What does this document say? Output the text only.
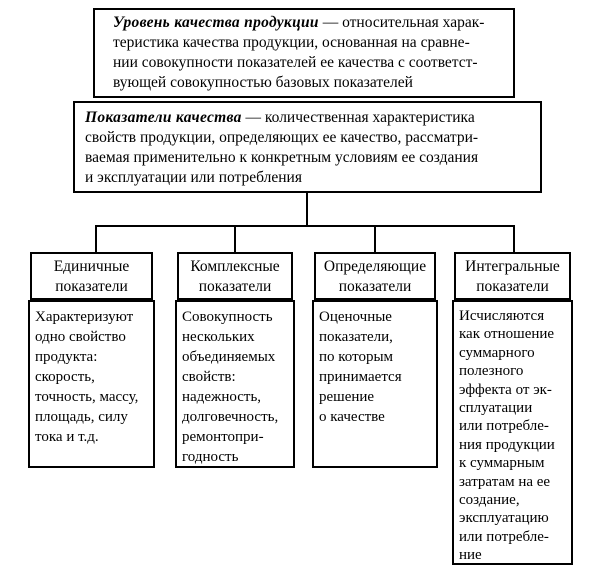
Уровень качества продукции — относительная харак-
теристика качества продукции, основанная на сравне-
нии совокупности показателей ее качества с соответст-
вующей совокупностью базовых показателей
Показатели качества — количественная характеристика
свойств продукции, определяющих ее качество, рассматри-
ваемая применительно к конкретным условиям ее создания
и эксплуатации или потребления
Единичные показатели
Характеризуют
одно свойство
продукта:
скорость,
точность, массу,
площадь, силу
тока и т.д.
Комплексные показатели
Совокупность
нескольких
объединяемых
свойств:
надежность,
долговечность,
ремонтопри-
годность
Определяющие показатели
Оценочные
показатели,
по которым
принимается
решение
о качестве
Интегральные показатели
Исчисляются
как отношение
суммарного
полезного
эффекта от эк-
сплуатации
или потребле-
ния продукции
к суммарным
затратам на ее
создание,
эксплуатацию
или потребле-
ние
